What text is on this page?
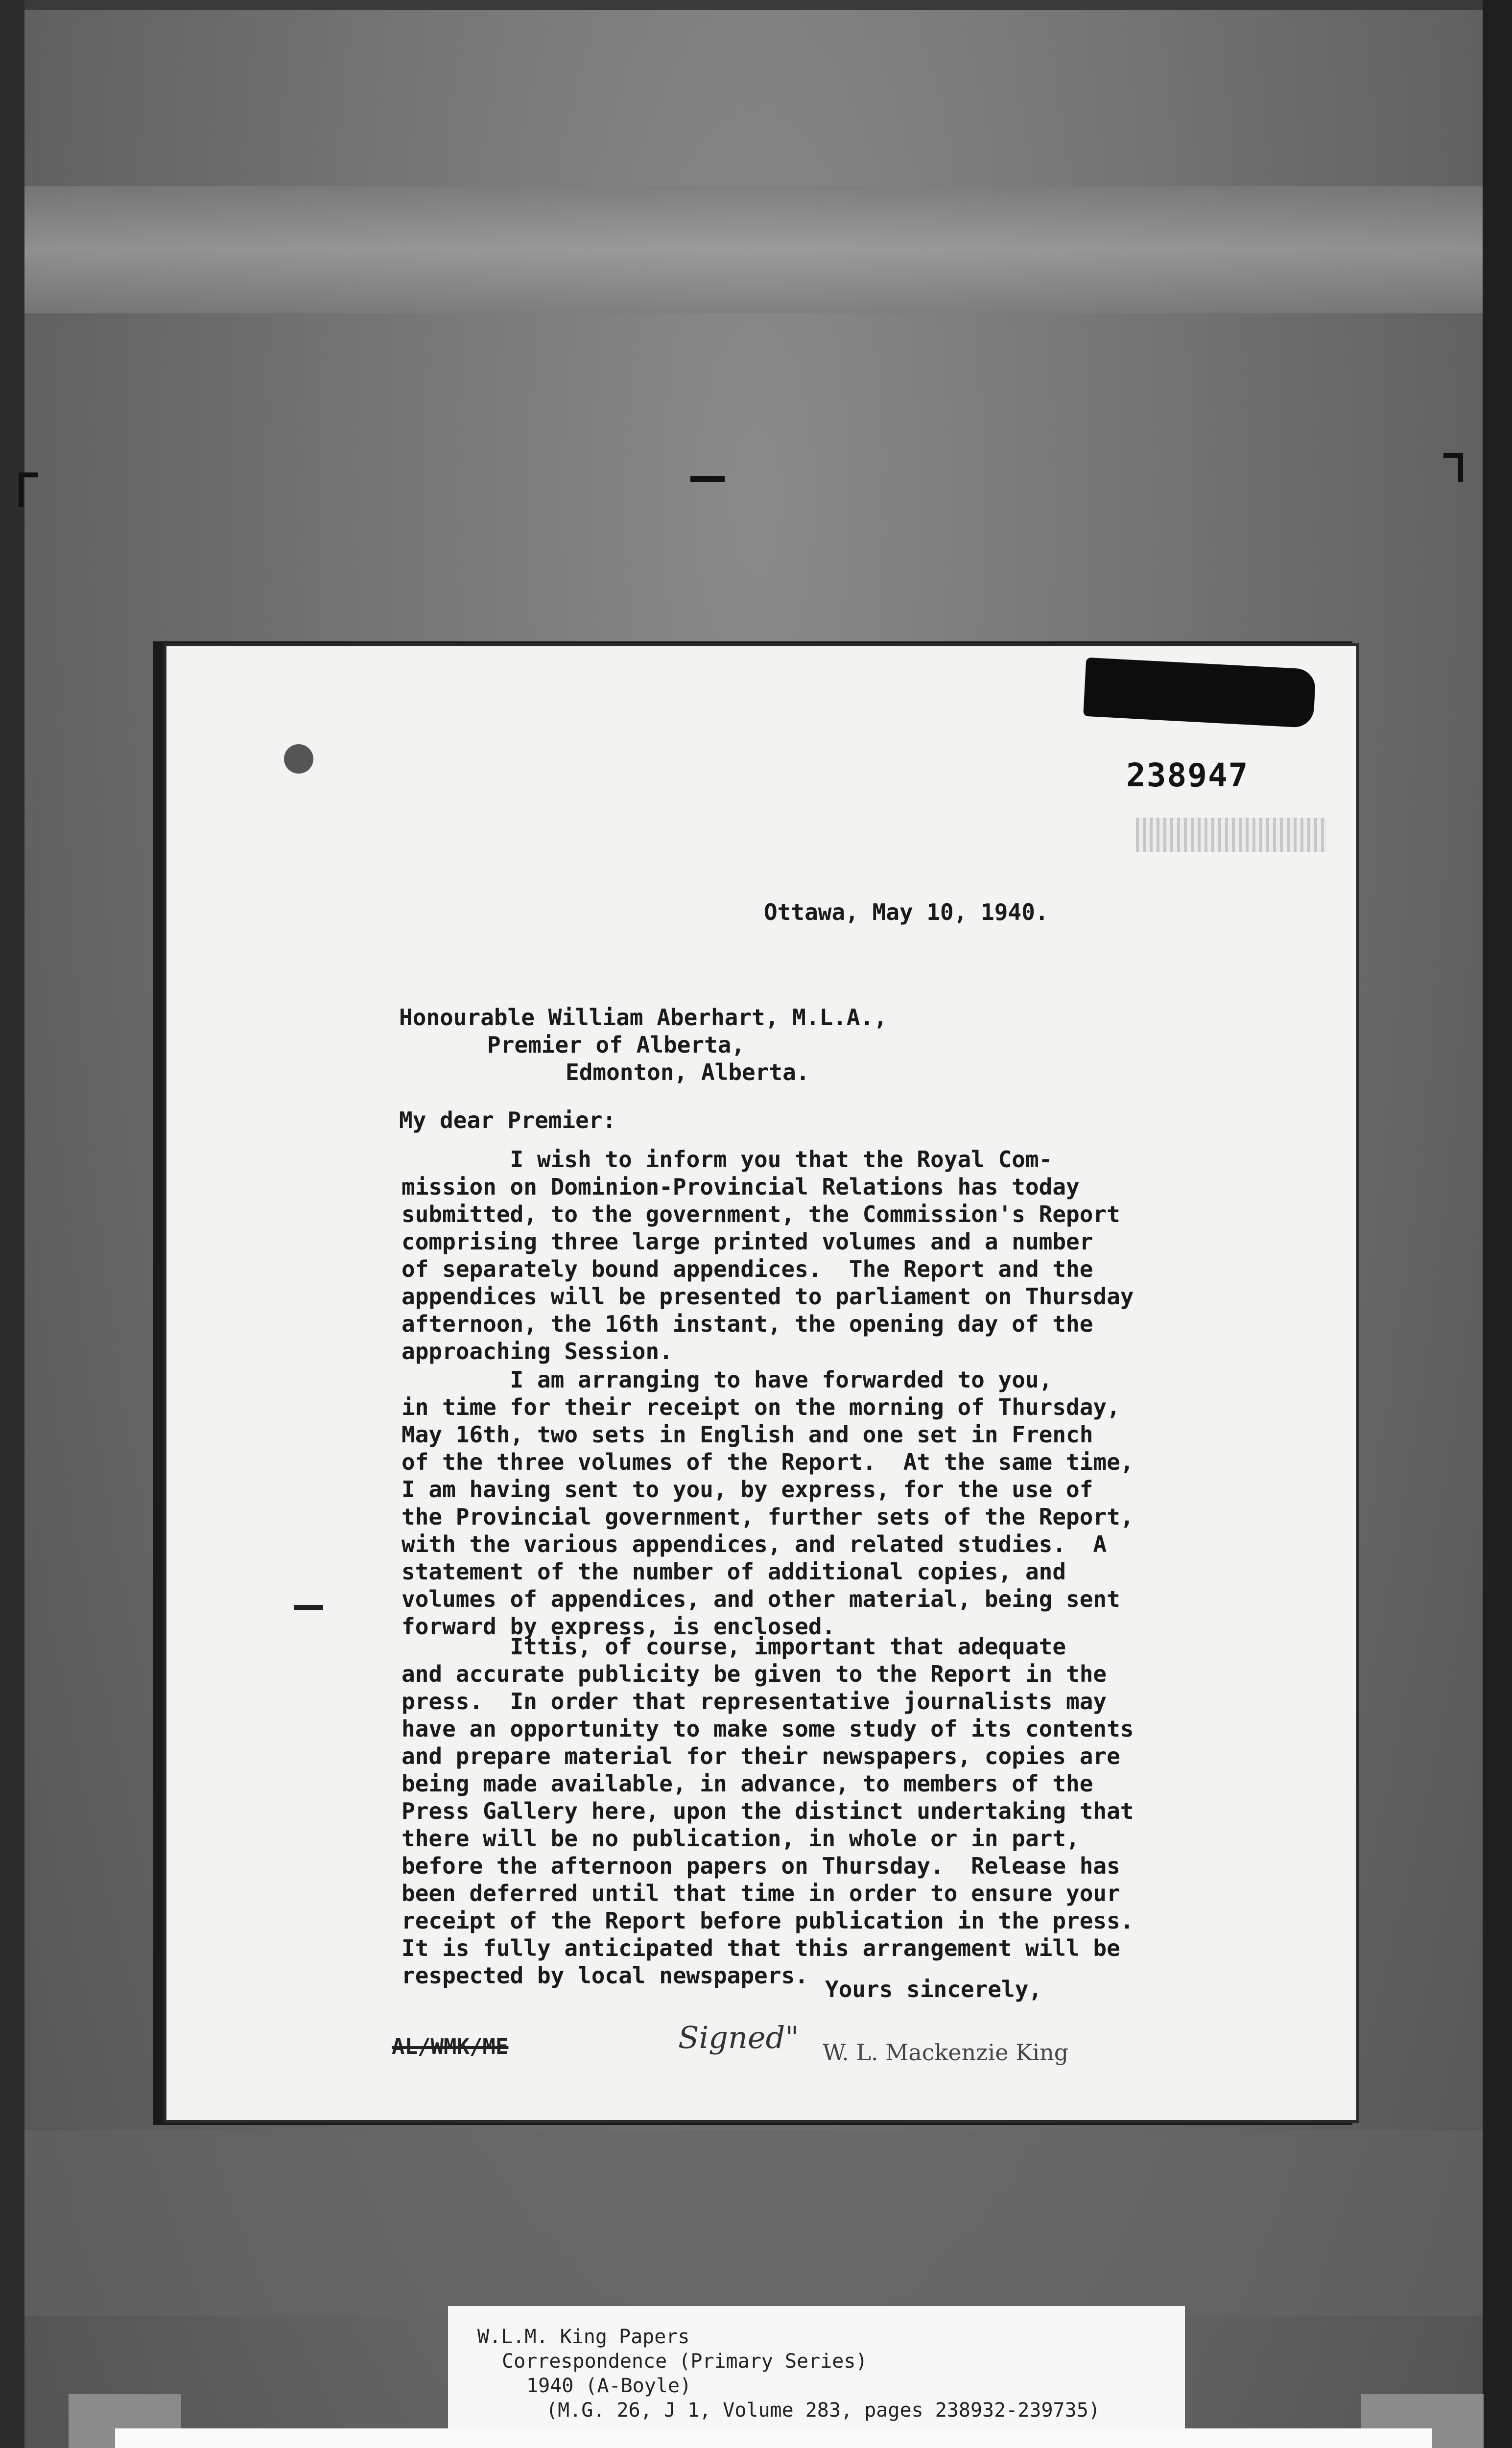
238947
Ottawa, May 10, 1940.
Honourable William Aberhart, M.L.A.,
Premier of Alberta,
Edmonton, Alberta.
My dear Premier:
I wish to inform you that the Royal Com-
mission on Dominion-Provincial Relations has today
submitted, to the government, the Commission's Report
comprising three large printed volumes and a number
of separately bound appendices.  The Report and the
appendices will be presented to parliament on Thursday
afternoon, the 16th instant, the opening day of the
approaching Session.
I am arranging to have forwarded to you,
in time for their receipt on the morning of Thursday,
May 16th, two sets in English and one set in French
of the three volumes of the Report.  At the same time,
I am having sent to you, by express, for the use of
the Provincial government, further sets of the Report,
with the various appendices, and related studies.  A
statement of the number of additional copies, and
volumes of appendices, and other material, being sent
forward by express, is enclosed.
Ittis, of course, important that adequate
and accurate publicity be given to the Report in the
press.  In order that representative journalists may
have an opportunity to make some study of its contents
and prepare material for their newspapers, copies are
being made available, in advance, to members of the
Press Gallery here, upon the distinct undertaking that
there will be no publication, in whole or in part,
before the afternoon papers on Thursday.  Release has
been deferred until that time in order to ensure your
receipt of the Report before publication in the press.
It is fully anticipated that this arrangement will be
respected by local newspapers.
Yours sincerely,
AL/WMK/ME	Signed" W. L. Mackenzie King
W.L.M. King Papers
Correspondence (Primary Series)
1940 (A-Boyle)
(M.G. 26, J 1, Volume 283, pages 238932-239735)
